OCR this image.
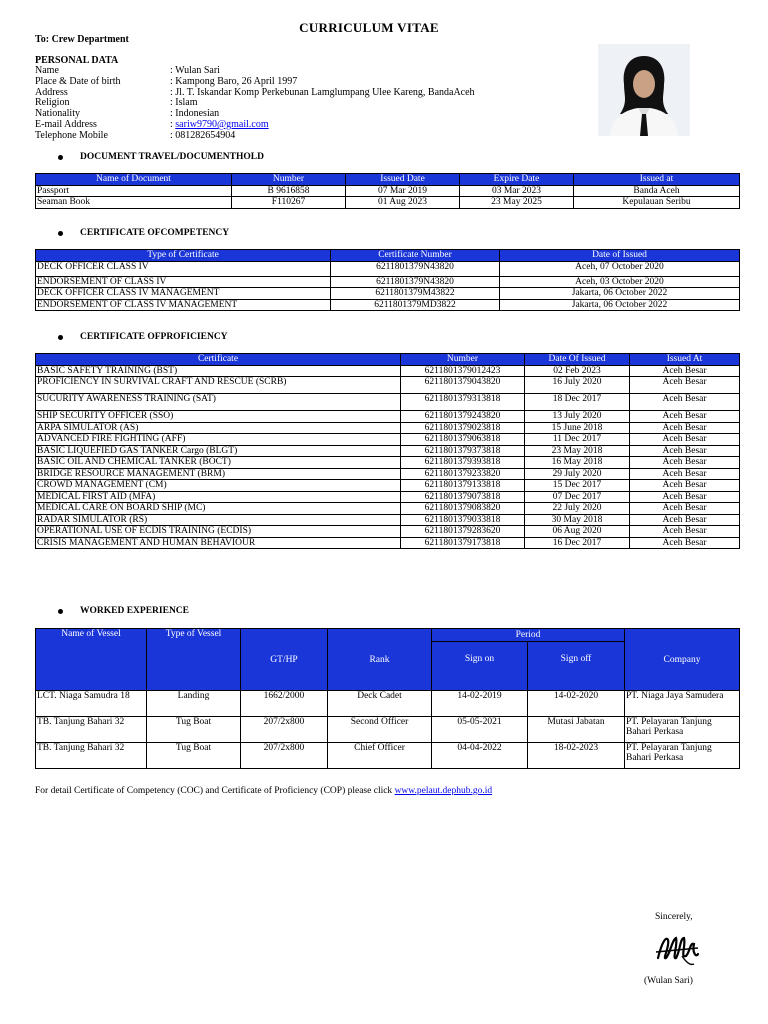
CURRICULUM VITAE
To: Crew Department
PERSONAL DATA
Name	: Wulan Sari
Place & Date of birth	: Kampong Baro, 26 April 1997
Address	: Jl. T. Iskandar Komp Perkebunan Lamglumpang Ulee Kareng, BandaAceh
Religion	: Islam
Nationality	: Indonesian
E-mail Address	: sariw9790@gmail.com
Telephone Mobile	: 081282654904
DOCUMENT TRAVEL/DOCUMENTHOLD
Name of Document	Number	Issued Date	Expire Date	Issued at
Passport	B 9616858	07 Mar 2019	03 Mar 2023	Banda Aceh
Seaman Book	F110267	01 Aug 2023	23 May 2025	Kepulauan Seribu
CERTIFICATE OFCOMPETENCY
Type of Certificate	Certificate Number	Date of Issued
DECK OFFICER CLASS IV	6211801379N43820	Aceh, 07 October 2020
ENDORSEMENT OF CLASS IV	6211801379N43820	Aceh, 03 October 2020
DECK OFFICER CLASS IV MANAGEMENT	6211801379M43822	Jakarta, 06 October 2022
ENDORSEMENT OF CLASS IV MANAGEMENT	6211801379MD3822	Jakarta, 06 October 2022
CERTIFICATE OFPROFICIENCY
Certificate	Number	Date Of Issued	Issued At
BASIC SAFETY TRAINING (BST)	6211801379012423	02 Feb 2023	Aceh Besar
PROFICIENCY IN SURVIVAL CRAFT AND RESCUE (SCRB)	6211801379043820	16 July 2020	Aceh Besar
SUCURITY AWARENESS TRAINING (SAT)	6211801379313818	18 Dec 2017	Aceh Besar
SHIP SECURITY OFFICER (SSO)	6211801379243820	13 July 2020	Aceh Besar
ARPA SIMULATOR (AS)	6211801379023818	15 June 2018	Aceh Besar
ADVANCED FIRE FIGHTING (AFF)	6211801379063818	11 Dec 2017	Aceh Besar
BASIC LIQUEFIED GAS TANKER Cargo (BLGT)	6211801379373818	23 May 2018	Aceh Besar
BASIC OIL AND CHEMICAL TANKER (BOCT)	6211801379393818	16 May 2018	Aceh Besar
BRIDGE RESOURCE MANAGEMENT (BRM)	6211801379233820	29 July 2020	Aceh Besar
CROWD MANAGEMENT (CM)	6211801379133818	15 Dec 2017	Aceh Besar
MEDICAL FIRST AID (MFA)	6211801379073818	07 Dec 2017	Aceh Besar
MEDICAL CARE ON BOARD SHIP (MC)	6211801379083820	22 July 2020	Aceh Besar
RADAR SIMULATOR (RS)	6211801379033818	30 May 2018	Aceh Besar
OPERATIONAL USE OF ECDIS TRAINING (ECDIS)	6211801379283620	06 Aug 2020	Aceh Besar
CRISIS MANAGEMENT AND HUMAN BEHAVIOUR	6211801379173818	16 Dec 2017	Aceh Besar
WORKED EXPERIENCE
Name of Vessel	Type of Vessel	GT/HP	Rank	Period		Company
				Sign on	Sign off	
LCT. Niaga Samudra 18	Landing	1662/2000	Deck Cadet	14-02-2019	14-02-2020	PT. Niaga Jaya Samudera
TB. Tanjung Bahari 32	Tug Boat	207/2x800	Second Officer	05-05-2021	Mutasi Jabatan	PT. Pelayaran Tanjung Bahari Perkasa
TB. Tanjung Bahari 32	Tug Boat	207/2x800	Chief Officer	04-04-2022	18-02-2023	PT. Pelayaran Tanjung Bahari Perkasa
For detail Certificate of Competency (COC) and Certificate of Proficiency (COP) please click www.pelaut.dephub.go.id
Sincerely,
(Wulan Sari)
